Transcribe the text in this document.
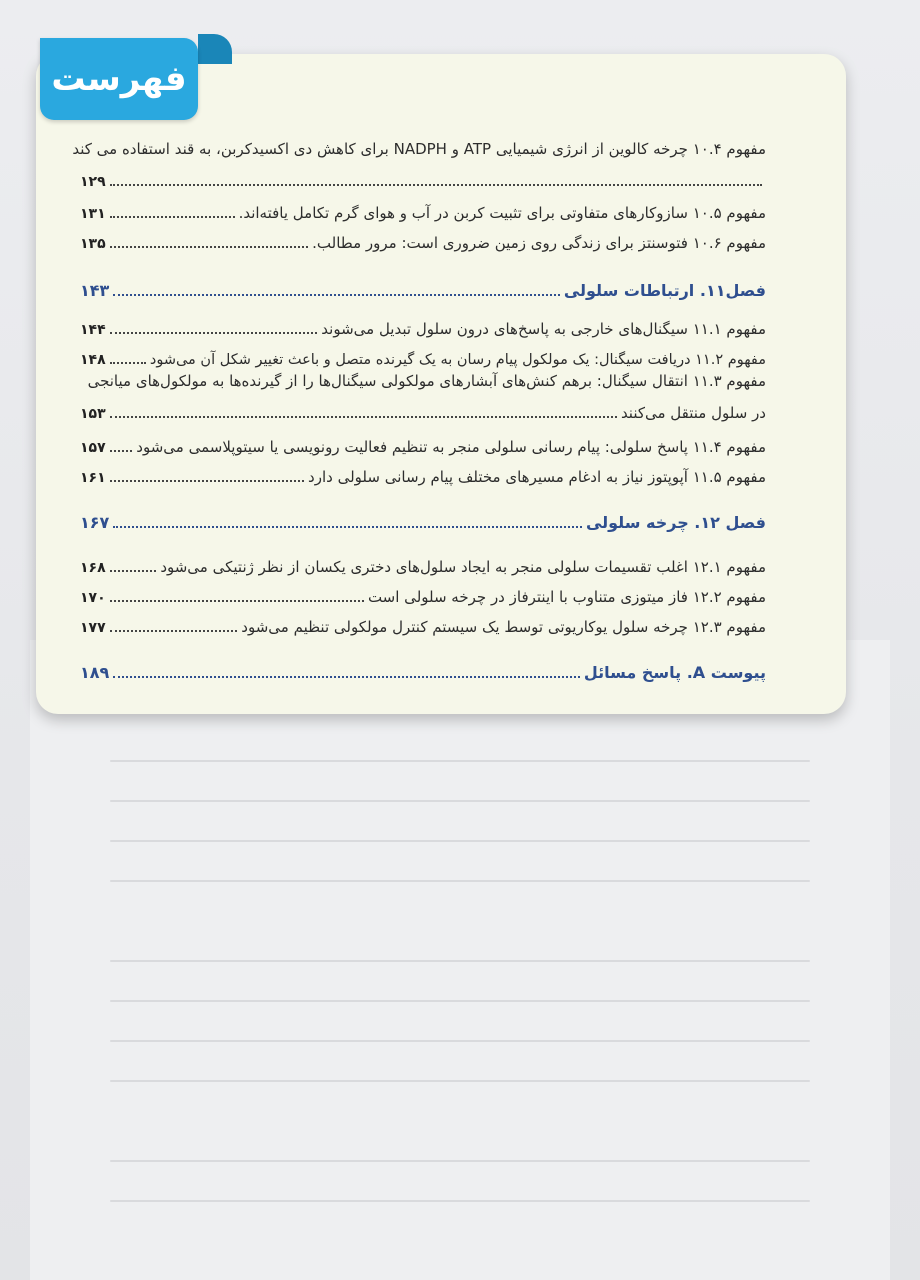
فهرست
مفهوم ۱۰.۴ چرخه کالوین از انرژی شیمیایی ATP و NADPH برای کاهش دی اکسیدکربن، به قند استفاده می کند
۱۲۹
مفهوم ۱۰.۵ سازوکارهای متفاوتی برای تثبیت کربن در آب و هوای گرم تکامل یافته‌اند.
۱۳۱
مفهوم ۱۰.۶ فتوسنتز برای زندگی روی زمین ضروری است: مرور مطالب.
۱۳۵
فصل۱۱. ارتباطات سلولی
۱۴۳
مفهوم ۱۱.۱ سیگنال‌های خارجی به پاسخ‌های درون سلول تبدیل می‌شوند
۱۴۴
مفهوم ۱۱.۲ دریافت سیگنال: یک مولکول پیام رسان به یک گیرنده متصل و باعث تغییر شکل آن می‌شود
۱۴۸
مفهوم ۱۱.۳ انتقال سیگنال: برهم کنش‌های آبشارهای مولکولی سیگنال‌ها را از گیرنده‌ها به مولکول‌های میانجی
در سلول منتقل می‌کنند
۱۵۳
مفهوم ۱۱.۴ پاسخ سلولی: پیام رسانی سلولی منجر به تنظیم فعالیت رونویسی یا سیتوپلاسمی می‌شود
۱۵۷
مفهوم ۱۱.۵ آپوپتوز نیاز به ادغام مسیرهای مختلف پیام رسانی سلولی دارد
۱۶۱
فصل ۱۲. چرخه سلولی
۱۶۷
مفهوم ۱۲.۱ اغلب تقسیمات سلولی منجر به ایجاد سلول‌های دختری یکسان از نظر ژنتیکی می‌شود
۱۶۸
مفهوم ۱۲.۲ فاز میتوزی متناوب با اینترفاز در چرخه سلولی است
۱۷۰
مفهوم ۱۲.۳ چرخه سلول یوکاریوتی توسط یک سیستم کنترل مولکولی تنظیم می‌شود
۱۷۷
پیوست A. پاسخ مسائل
۱۸۹
